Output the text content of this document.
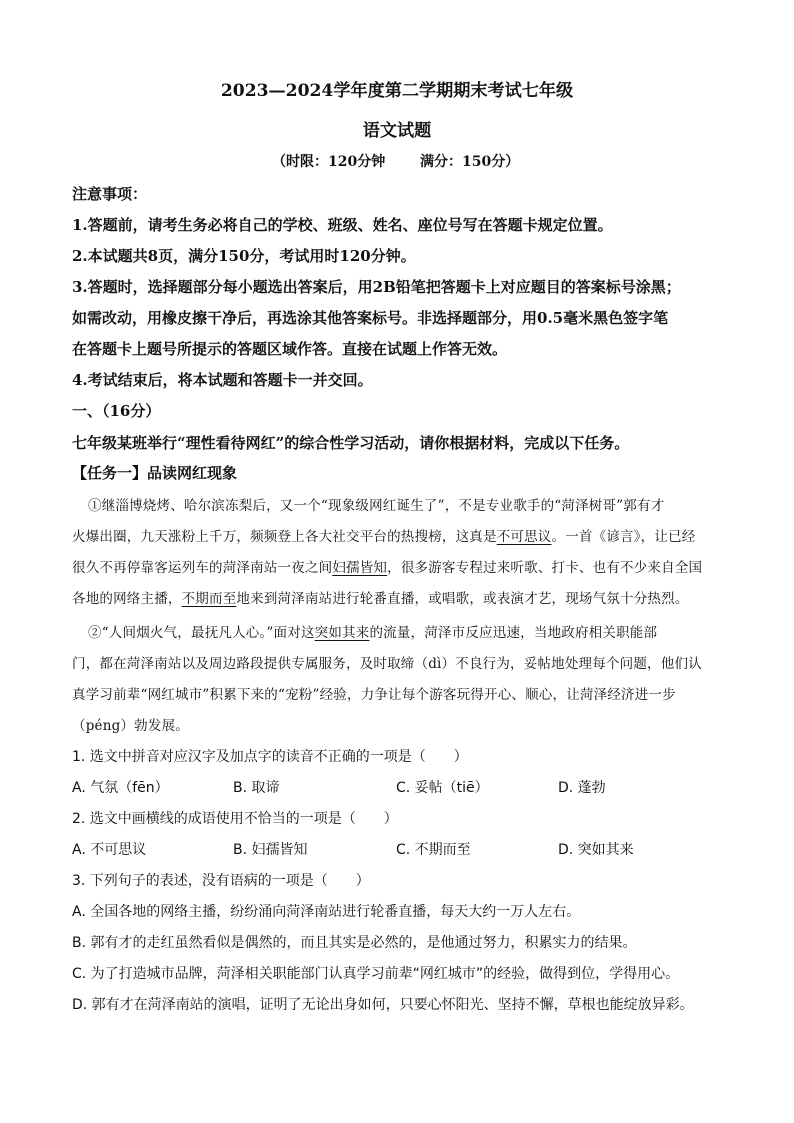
2023—2024学年度第二学期期末考试七年级
语文试题
（时限：120分钟 满分：150分）
注意事项：
1.答题前，请考生务必将自己的学校、班级、姓名、座位号写在答题卡规定位置。
2.本试题共8页，满分150分，考试用时120分钟。
3.答题时，选择题部分每小题选出答案后，用2B铅笔把答题卡上对应题目的答案标号涂黑；
如需改动，用橡皮擦干净后，再选涂其他答案标号。非选择题部分，用0.5毫米黑色签字笔
在答题卡上题号所提示的答题区域作答。直接在试题上作答无效。
4.考试结束后，将本试题和答题卡一并交回。
一、（16分）
七年级某班举行“理性看待网红”的综合性学习活动，请你根据材料，完成以下任务。
【任务一】品读网红现象
①继淄博烧烤、哈尔滨冻梨后，又一个“现象级网红诞生了”，不是专业歌手的“菏泽树哥”郭有才
火爆出圈，九天涨粉上千万，频频登上各大社交平台的热搜榜，这真是不可思议。一首《谚言》，让已经
很久不再停靠客运列车的菏泽南站一夜之间妇孺皆知，很多游客专程过来听歌、打卡、也有不少来自全国
各地的网络主播，不期而至地来到菏泽南站进行轮番直播，或唱歌，或表演才艺，现场气氛十分热烈。
②“人间烟火气，最抚凡人心。”面对这突如其来的流量，菏泽市反应迅速，当地政府相关职能部
门，都在菏泽南站以及周边路段提供专属服务，及时取缔（dì）不良行为，妥帖地处理每个问题，他们认
真学习前辈“网红城市”积累下来的“宠粉”经验，力争让每个游客玩得开心、顺心，让菏泽经济进一步
（péng）勃发展。
1. 选文中拼音对应汉字及加点字的读音不正确的一项是（　　）
A. 气氛（fēn）	B. 取谛	C. 妥帖（tiē）	D. 蓬勃
2. 选文中画横线的成语使用不恰当的一项是（　　）
A. 不可思议	B. 妇孺皆知	C. 不期而至	D. 突如其来
3. 下列句子的表述，没有语病的一项是（　　）
A. 全国各地的网络主播，纷纷涌向菏泽南站进行轮番直播，每天大约一万人左右。
B. 郭有才的走红虽然看似是偶然的，而且其实是必然的，是他通过努力，积累实力的结果。
C. 为了打造城市品牌，菏泽相关职能部门认真学习前辈“网红城市”的经验，做得到位，学得用心。
D. 郭有才在菏泽南站的演唱，证明了无论出身如何，只要心怀阳光、坚持不懈，草根也能绽放异彩。
